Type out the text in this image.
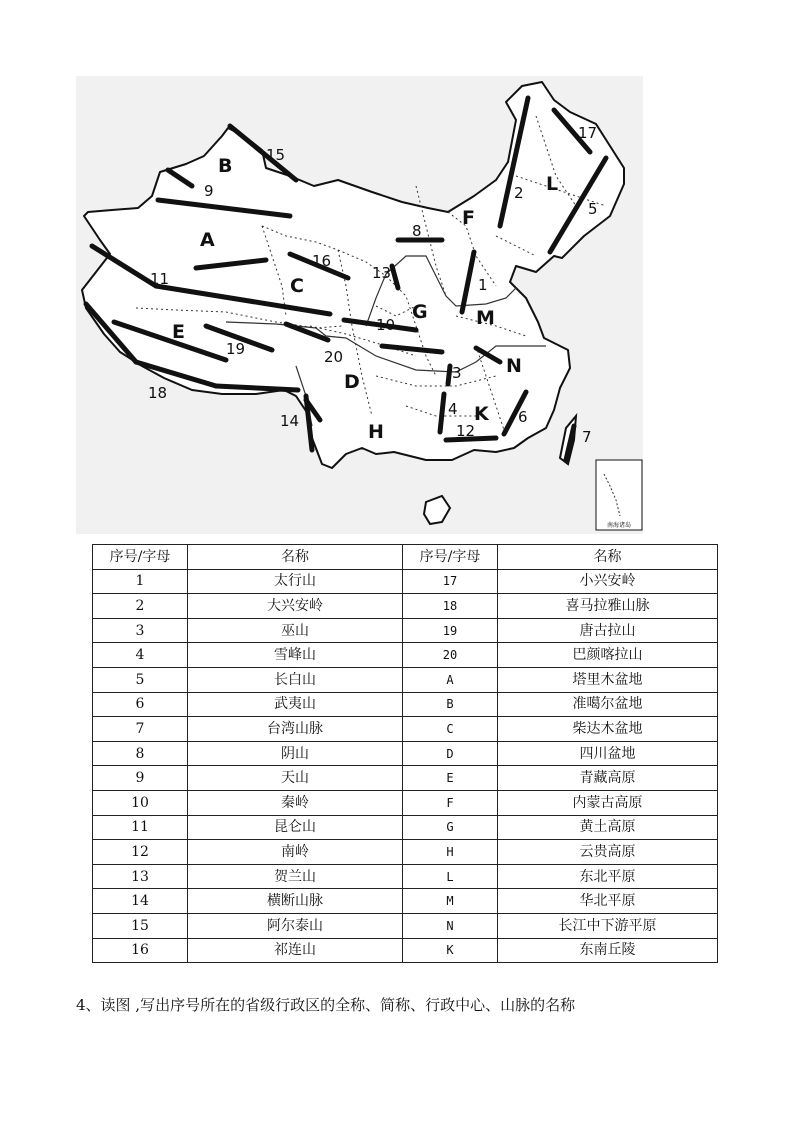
南海诸岛
B 15
9
A
16
13
11	C
G
10
E
19	20
D
18
14	H
3
4 K
12
6
7
N
M
1
8
F
2 L
5
17
序号/字母	名称	序号/字母	名称
1	太行山	17	小兴安岭
2	大兴安岭	18	喜马拉雅山脉
3	巫山	19	唐古拉山
4	雪峰山	20	巴颜喀拉山
5	长白山	A	塔里木盆地
6	武夷山	B	准噶尔盆地
7	台湾山脉	C	柴达木盆地
8	阴山	D	四川盆地
9	天山	E	青藏高原
10	秦岭	F	内蒙古高原
11	昆仑山	G	黄土高原
12	南岭	H	云贵高原
13	贺兰山	L	东北平原
14	横断山脉	M	华北平原
15	阿尔泰山	N	长江中下游平原
16	祁连山	K	东南丘陵
4、读图 ,写出序号所在的省级行政区的全称、简称、行政中心、山脉的名称
